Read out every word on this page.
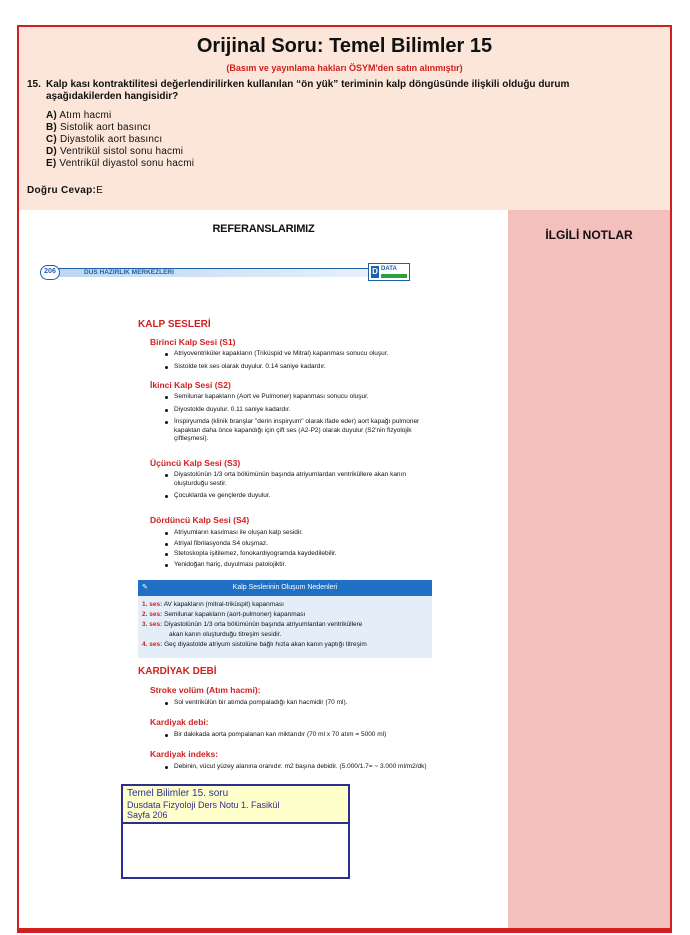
Orijinal Soru: Temel Bilimler 15
(Basım ve yayınlama hakları ÖSYM'den satın alınmıştır)
15. Kalp kası kontraktilitesi değerlendirilirken kullanılan “ön yük” teriminin kalp döngüsünde ilişkili olduğu durum aşağıdakilerden hangisidir?
A) Atım hacmi
B) Sistolik aort basıncı
C) Diyastolik aort basıncı
D) Ventrikül sistol sonu hacmi
E) Ventrikül diyastol sonu hacmi
Doğru Cevap:E
REFERANSLARIMIZ	İLGİLİ NOTLAR
206	DUS HAZIRLIK MERKEZLERİ	D DATA
KALP SESLERİ
Birinci Kalp Sesi (S1)
Atriyoventriküler kapakların (Triküspid ve Mitral) kapanması sonucu oluşur.
Sistolde tek ses olarak duyulur. 0.14 saniye kadardır.
İkinci Kalp Sesi (S2)
Semilunar kapakların (Aort ve Pulmoner) kapanması sonucu oluşur.
Diyostolde duyulur. 0.11 saniye kadardır.
İnspiryumda (klinik branşlar "derin inspiryum" olarak ifade eder) aort kapağı pulmoner kapaktan daha önce kapandığı için çift ses (A2-P2) olarak duyulur (S2'nin fizyolojik çiftleşmesi).
Üçüncü Kalp Sesi (S3)
Diyastolünün 1/3 orta bölümünün başında atriyumlardan ventriküllere akan kanın oluşturduğu sestir.
Çocuklarda ve gençlerde duyulur.
Dördüncü Kalp Sesi (S4)
Atriyumların kasılması ile oluşan kalp sesidir.
Atriyal fibrilasyonda S4 oluşmaz.
Stetoskopla işitilemez, fonokardiyogramda kaydedilebilir.
Yenidoğan hariç, duyulması patolojiktir.
✎	Kalp Seslerinin Oluşum Nedenleri
1. ses: AV kapakların (mitral-triküspit) kapanması
2. ses: Semilunar kapakların (aort-pulmoner) kapanması
3. ses: Diyastolünün 1/3 orta bölümünün başında atriyumlardan ventriküllere
akan kanın oluşturduğu titreşim sesidir.
4. ses: Geç diyastolde atriyum sistolüne bağlı hızla akan kanın yaptığı titreşim
KARDİYAK DEBİ
Stroke volüm (Atım hacmi):
Sol ventrikülün bir atımda pompaladığı kan hacmidir (70 ml).
Kardiyak debi:
Bir dakikada aorta pompalanan kan miktarıdır (70 ml x 70 atım = 5000 ml)
Kardiyak indeks:
Debinin, vücut yüzey alanına oranıdır. m2 başına debidir. (5.000/1.7= ~ 3.000 ml/m2/dk)
Temel Bilimler 15. soru
Dusdata Fizyoloji Ders Notu 1. Fasikül
Sayfa 206
